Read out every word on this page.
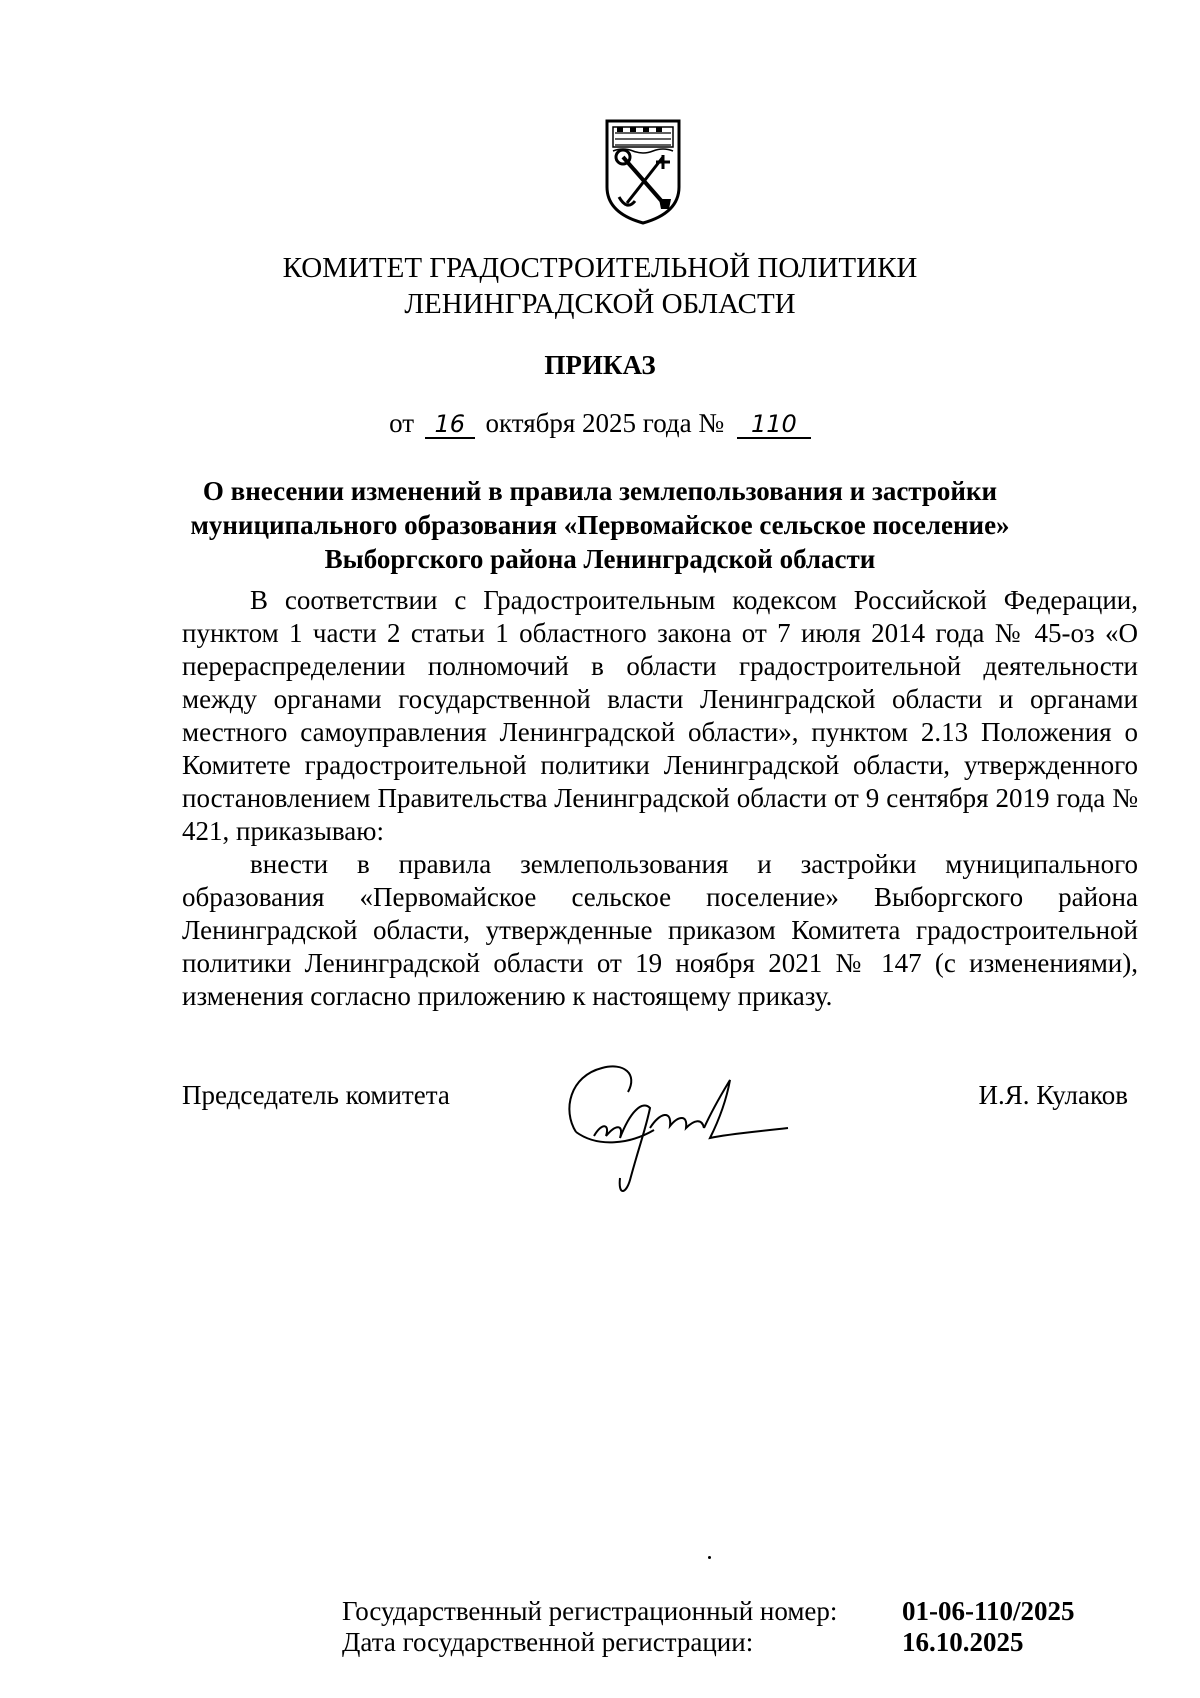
КОМИТЕТ ГРАДОСТРОИТЕЛЬНОЙ ПОЛИТИКИ
ЛЕНИНГРАДСКОЙ ОБЛАСТИ
ПРИКАЗ
от 16 октября 2025 года № 110
О внесении изменений в правила землепользования и застройки
муниципального образования «Первомайское сельское поселение»
Выборгского района Ленинградской области

В соответствии с Градостроительным кодексом Российской Федерации, пунктом 1 части 2 статьи 1 областного закона от 7 июля 2014 года № 45-оз «О перераспределении полномочий в области градостроительной деятельности между органами государственной власти Ленинградской области и органами местного самоуправления Ленинградской области», пунктом 2.13 Положения о Комитете градостроительной политики Ленинградской области, утвержденного постановлением Правительства Ленинградской области от 9 сентября 2019 года № 421, приказываю:

внести в правила землепользования и застройки муниципального образования «Первомайское сельское поселение» Выборгского района Ленинградской области, утвержденные приказом Комитета градостроительной политики Ленинградской области от 19 ноября 2021 № 147 (с изменениями), изменения согласно приложению к настоящему приказу.

Председатель комитета	И.Я. Кулаков
Государственный регистрационный номер:	01-06-110/2025
Дата государственной регистрации:	16.10.2025
